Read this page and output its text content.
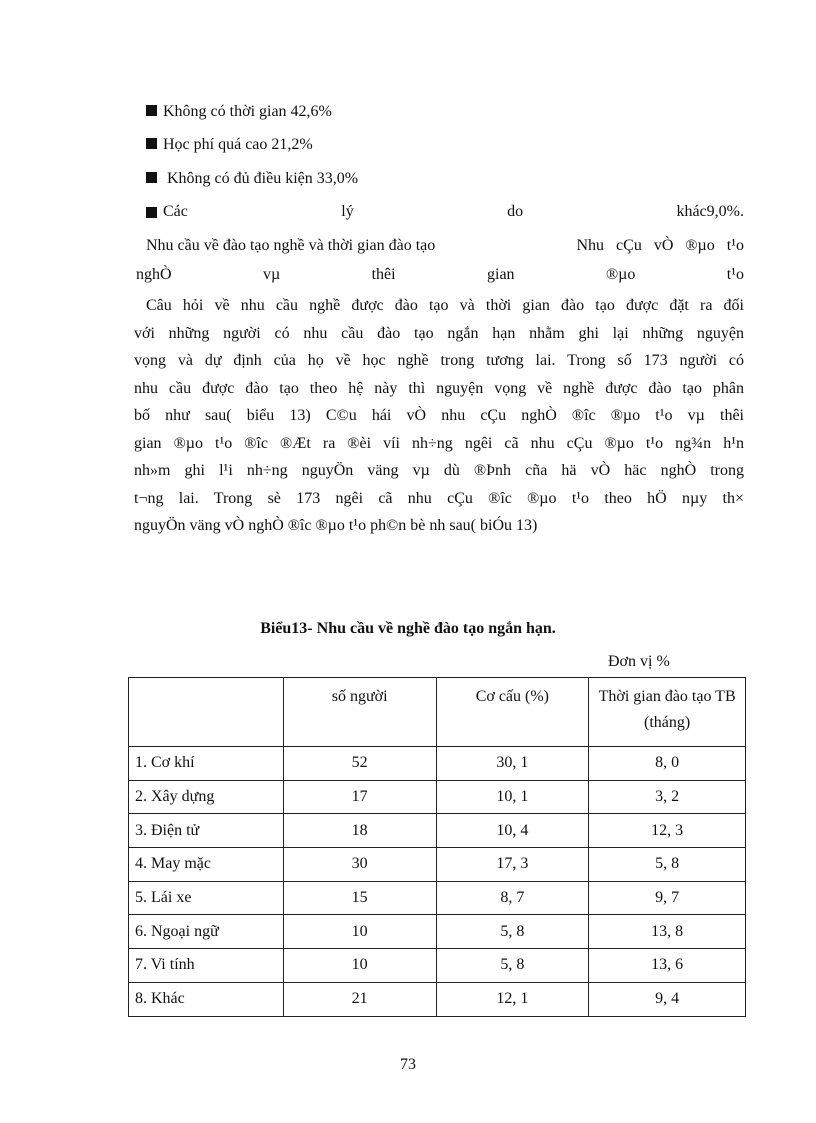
Không có thời gian 42,6%
Học phí quá cao 21,2%
Không có đủ điều kiện 33,0%
Các	lý	do	khác9,0%.
Nhu cầu về đào tạo nghề và thời gian đào tạo	Nhu cÇu vÒ ®µo t¹o
nghÒ	vµ	thêi	gian	®µo	t¹o
Câu hỏi về nhu cầu nghề được đào tạo và thời gian đào tạo được đặt ra đối
với những người có nhu cầu đào tạo ngắn hạn nhằm ghi lại những nguyện
vọng và dự định của họ về học nghề trong tương lai. Trong số 173 người có
nhu cầu được đào tạo theo hệ này thì nguyện vọng về nghề được đào tạo phân
bố như sau( biểu 13) C©u hái vÒ nhu cÇu nghÒ ®îc ®µo t¹o vµ thêi
gian ®µo t¹o ®îc ®Æt ra ®èi víi nh÷ng ngêi cã nhu cÇu ®µo t¹o ng¾n h¹n
nh»m ghi l¹i nh÷ng nguyÖn väng vµ dù ®Þnh cña hä vÒ häc nghÒ trong
t¬ng lai. Trong sè 173 ngêi cã nhu cÇu ®îc ®µo t¹o theo hÖ nµy th×
nguyÖn väng vÒ nghÒ ®îc ®µo t¹o ph©n bè nh sau( biÓu 13)
Biểu13- Nhu cầu về nghề đào tạo ngắn hạn.
Đơn vị %
	số người	Cơ cấu (%)	Thời gian đào tạo TB (tháng)
1. Cơ khí	52	30, 1	8, 0
2. Xây dựng	17	10, 1	3, 2
3. Điện tử	18	10, 4	12, 3
4. May mặc	30	17, 3	5, 8
5. Lái xe	15	8, 7	9, 7
6. Ngoại ngữ	10	5, 8	13, 8
7. Vi tính	10	5, 8	13, 6
8. Khác	21	12, 1	9, 4
73
